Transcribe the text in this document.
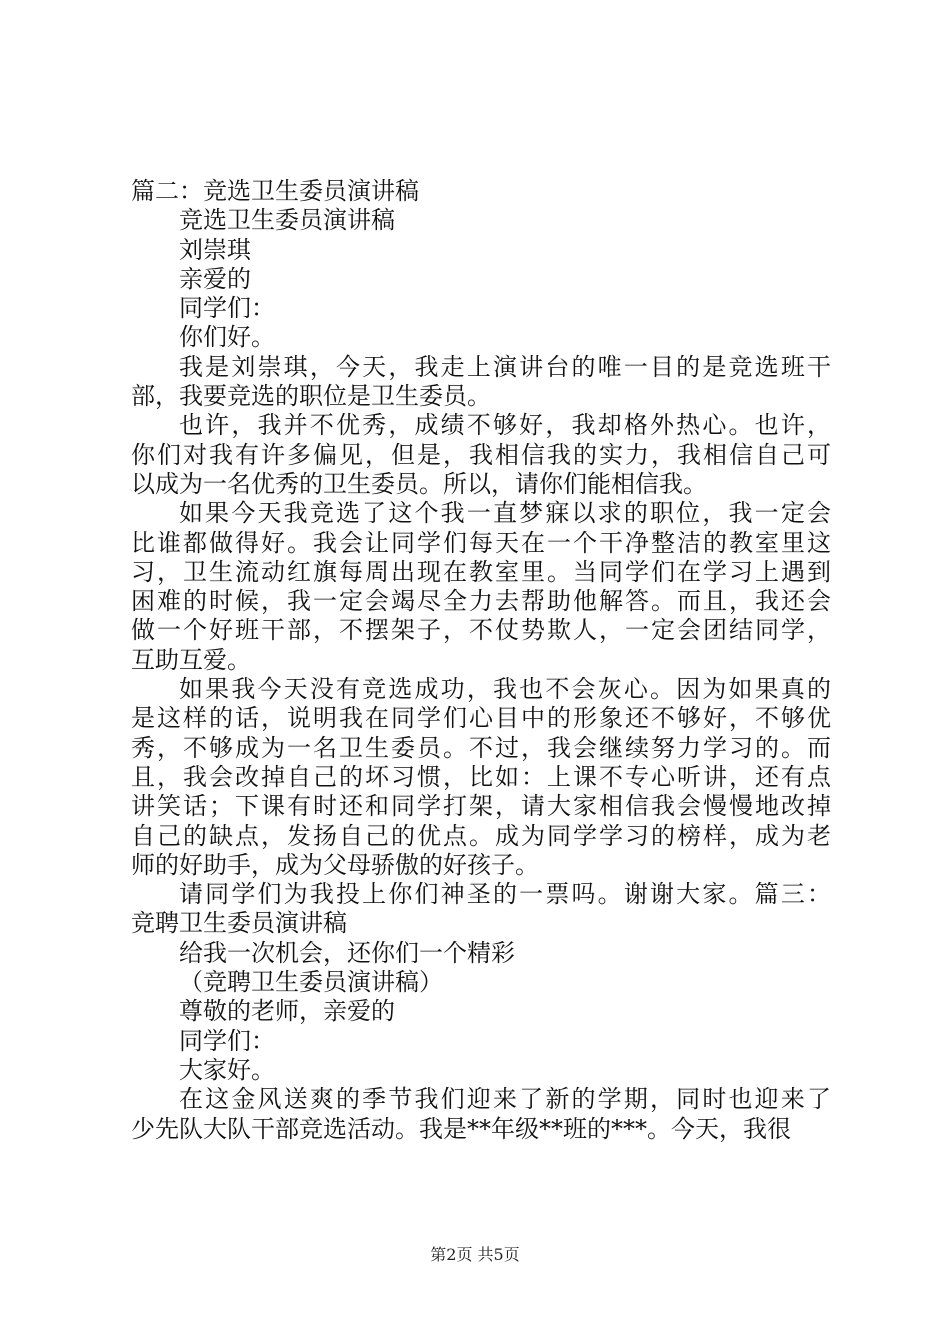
篇二：竞选卫生委员演讲稿
竞选卫生委员演讲稿
刘崇琪
亲爱的
同学们：
你们好。
我是刘崇琪，今天，我走上演讲台的唯一目的是竞选班干
部，我要竞选的职位是卫生委员。
也许，我并不优秀，成绩不够好，我却格外热心。也许，
你们对我有许多偏见，但是，我相信我的实力，我相信自己可
以成为一名优秀的卫生委员。所以，请你们能相信我。
如果今天我竞选了这个我一直梦寐以求的职位，我一定会
比谁都做得好。我会让同学们每天在一个干净整洁的教室里这
习，卫生流动红旗每周出现在教室里。当同学们在学习上遇到
困难的时候，我一定会竭尽全力去帮助他解答。而且，我还会
做一个好班干部，不摆架子，不仗势欺人，一定会团结同学，
互助互爱。
如果我今天没有竞选成功，我也不会灰心。因为如果真的
是这样的话，说明我在同学们心目中的形象还不够好，不够优
秀，不够成为一名卫生委员。不过，我会继续努力学习的。而
且，我会改掉自己的坏习惯，比如：上课不专心听讲，还有点
讲笑话；下课有时还和同学打架，请大家相信我会慢慢地改掉
自己的缺点，发扬自己的优点。成为同学学习的榜样，成为老
师的好助手，成为父母骄傲的好孩子。
请同学们为我投上你们神圣的一票吗。谢谢大家。篇三：
竞聘卫生委员演讲稿
给我一次机会，还你们一个精彩
（竞聘卫生委员演讲稿）
尊敬的老师，亲爱的
同学们：
大家好。
在这金风送爽的季节我们迎来了新的学期，同时也迎来了
少先队大队干部竞选活动。我是**年级**班的***。今天，我很
第2页 共5页
